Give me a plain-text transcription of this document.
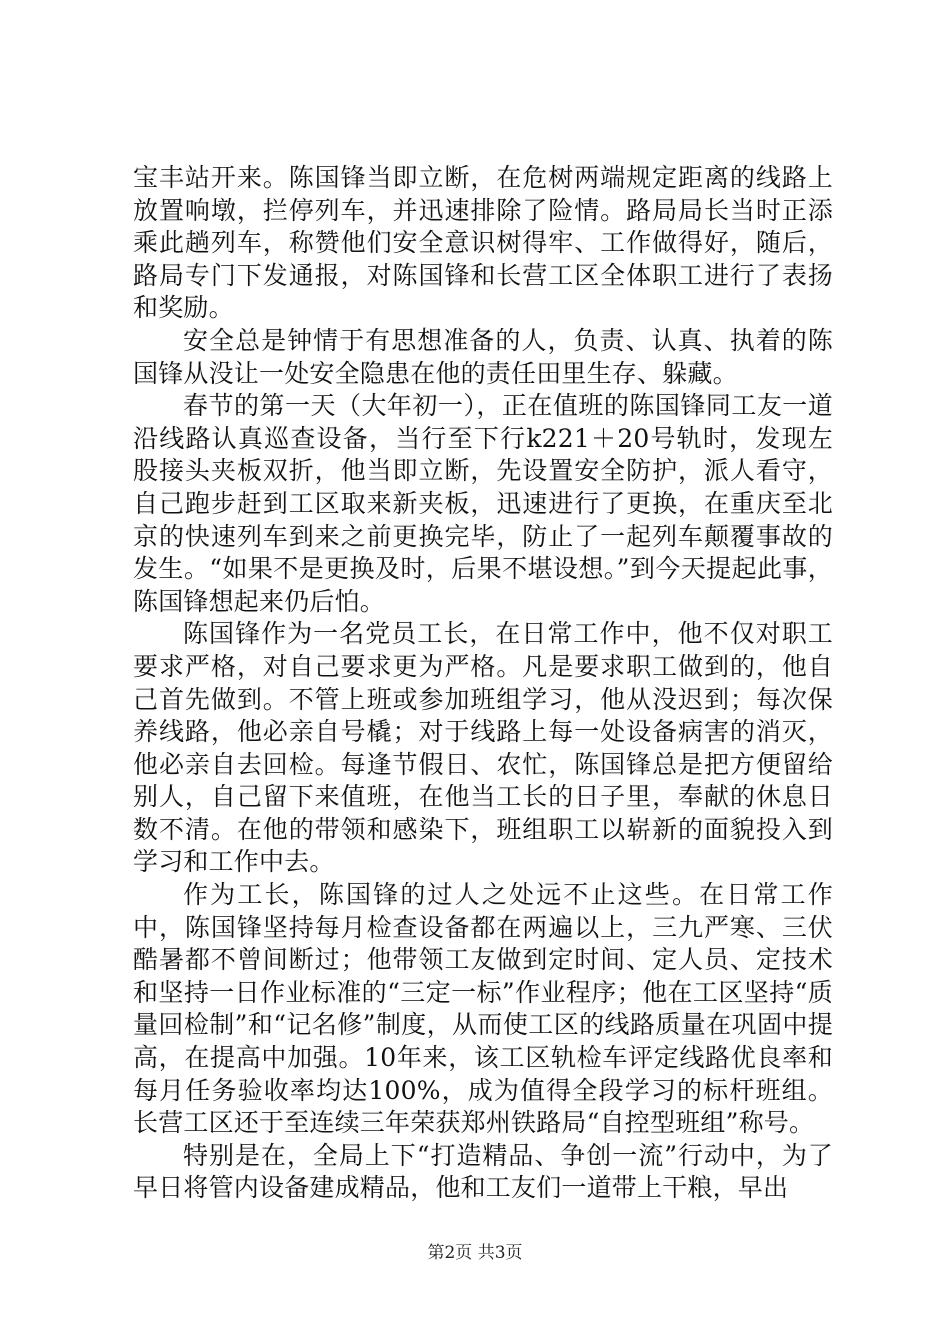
宝丰站开来。陈国锋当即立断，在危树两端规定距离的线路上放置响墩，拦停列车，并迅速排除了险情。路局局长当时正添乘此趟列车，称赞他们安全意识树得牢、工作做得好，随后，路局专门下发通报，对陈国锋和长营工区全体职工进行了表扬和奖励。

安全总是钟情于有思想准备的人，负责、认真、执着的陈国锋从没让一处安全隐患在他的责任田里生存、躲藏。

春节的第一天（大年初一），正在值班的陈国锋同工友一道沿线路认真巡查设备，当行至下行k221＋20号轨时，发现左股接头夹板双折，他当即立断，先设置安全防护，派人看守，自己跑步赶到工区取来新夹板，迅速进行了更换，在重庆至北京的快速列车到来之前更换完毕，防止了一起列车颠覆事故的发生。“如果不是更换及时，后果不堪设想。”到今天提起此事，陈国锋想起来仍后怕。

陈国锋作为一名党员工长，在日常工作中，他不仅对职工要求严格，对自己要求更为严格。凡是要求职工做到的，他自己首先做到。不管上班或参加班组学习，他从没迟到；每次保养线路，他必亲自号橇；对于线路上每一处设备病害的消灭，他必亲自去回检。每逢节假日、农忙，陈国锋总是把方便留给别人，自己留下来值班，在他当工长的日子里，奉献的休息日数不清。在他的带领和感染下，班组职工以崭新的面貌投入到学习和工作中去。

作为工长，陈国锋的过人之处远不止这些。在日常工作中，陈国锋坚持每月检查设备都在两遍以上，三九严寒、三伏酷暑都不曾间断过；他带领工友做到定时间、定人员、定技术和坚持一日作业标准的“三定一标”作业程序；他在工区坚持“质量回检制”和“记名修”制度，从而使工区的线路质量在巩固中提高，在提高中加强。10年来，该工区轨检车评定线路优良率和每月任务验收率均达100%，成为值得全段学习的标杆班组。长营工区还于至连续三年荣获郑州铁路局“自控型班组”称号。

特别是在，全局上下“打造精品、争创一流”行动中，为了早日将管内设备建成精品，他和工友们一道带上干粮，早出

第2页 共3页
